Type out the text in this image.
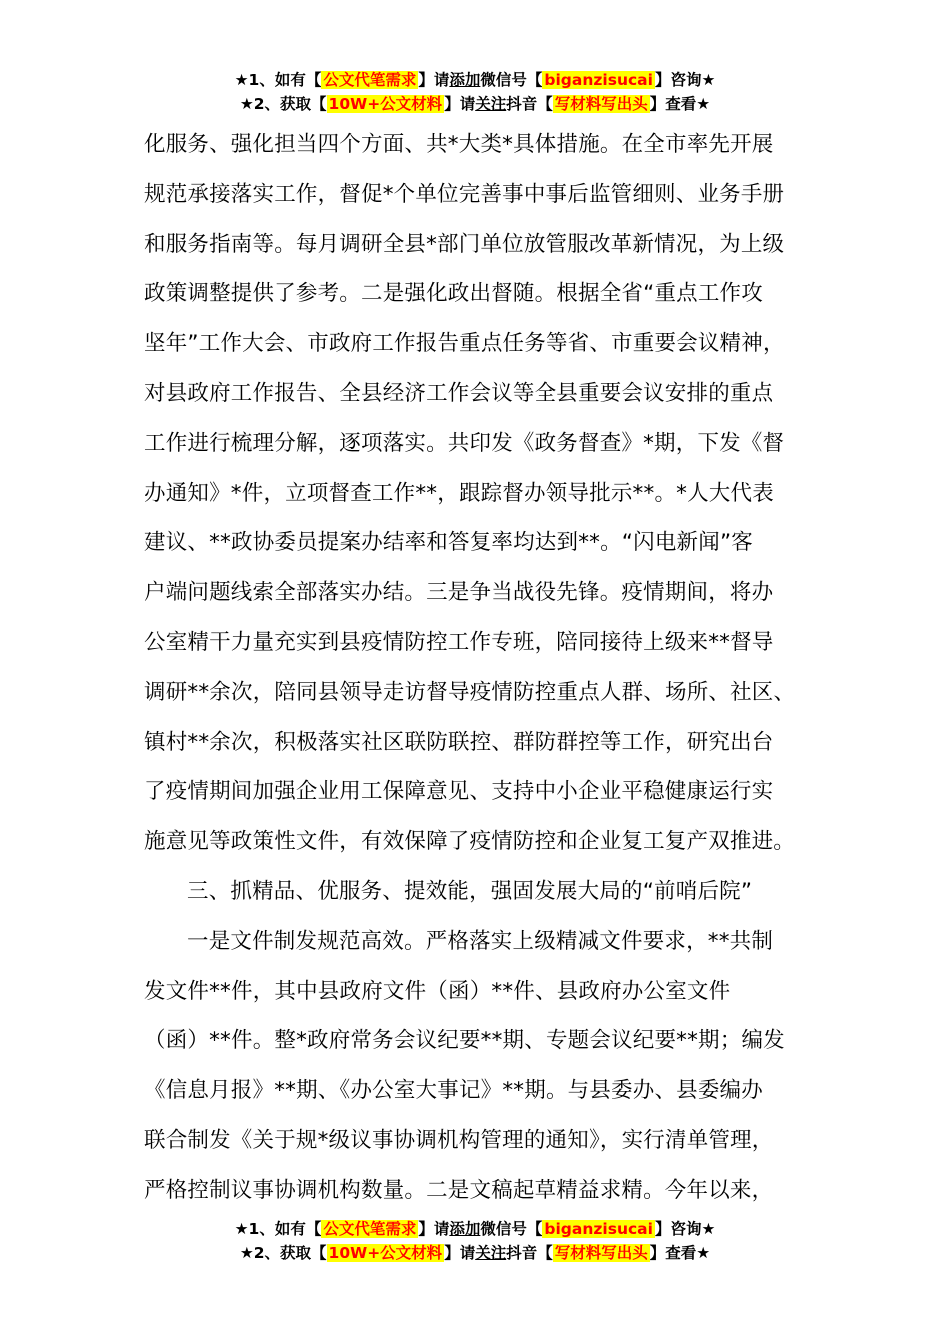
★1、如有【 公文代笔需求 】请添加微信号【 biganzisucai 】咨询★
★2、获取【 10W+公文材料 】请关注抖音【 写材料写出头 】查看★
化服务、强化担当四个方面、共*大类*具体措施。在全市率先开展
规范承接落实工作，督促*个单位完善事中事后监管细则、业务手册
和服务指南等。每月调研全县*部门单位放管服改革新情况，为上级
政策调整提供了参考。二是强化政出督随。根据全省“重点工作攻
坚年”工作大会、市政府工作报告重点任务等省、市重要会议精神，
对县政府工作报告、全县经济工作会议等全县重要会议安排的重点
工作进行梳理分解，逐项落实。共印发《政务督查》*期，下发《督
办通知》*件，立项督查工作**，跟踪督办领导批示**。*人大代表
建议、**政协委员提案办结率和答复率均达到**。“闪电新闻”客
户端问题线索全部落实办结。三是争当战役先锋。疫情期间，将办
公室精干力量充实到县疫情防控工作专班，陪同接待上级来**督导
调研**余次，陪同县领导走访督导疫情防控重点人群、场所、社区、
镇村**余次，积极落实社区联防联控、群防群控等工作，研究出台
了疫情期间加强企业用工保障意见、支持中小企业平稳健康运行实
施意见等政策性文件，有效保障了疫情防控和企业复工复产双推进。
三、抓精品、优服务、提效能，强固发展大局的“前哨后院”
一是文件制发规范高效。严格落实上级精减文件要求，**共制
发文件**件，其中县政府文件（函）**件、县政府办公室文件
（函）**件。整*政府常务会议纪要**期、专题会议纪要**期；编发
《信息月报》**期、《办公室大事记》**期。与县委办、县委编办
联合制发《关于规*级议事协调机构管理的通知》，实行清单管理，
严格控制议事协调机构数量。二是文稿起草精益求精。今年以来，
★1、如有【 公文代笔需求 】请添加微信号【 biganzisucai 】咨询★
★2、获取【 10W+公文材料 】请关注抖音【 写材料写出头 】查看★
